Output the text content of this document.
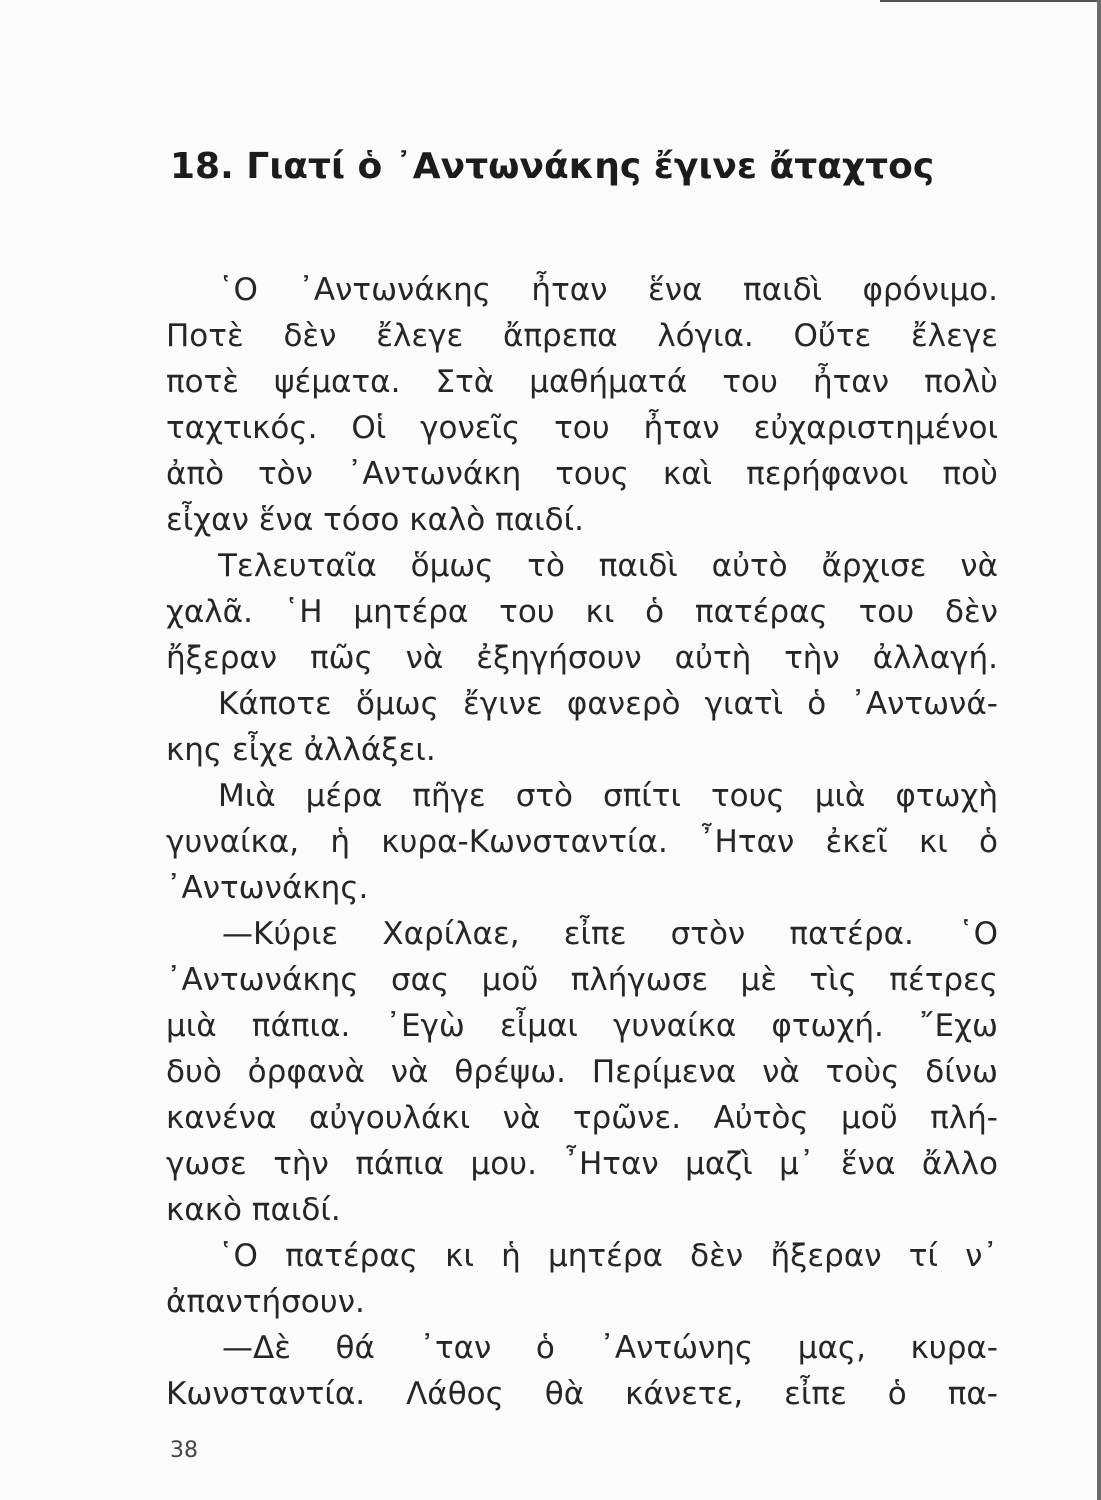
18. Γιατί ὁ ᾿Αντωνάκης ἔγινε ἄταχτος
῾Ο ᾿Αντωνάκης ἦταν ἕνα παιδὶ φρόνιμο.
Ποτὲ δὲν ἔλεγε ἄπρεπα λόγια. Οὔτε ἔλεγε
ποτὲ ψέματα. Στὰ μαθήματά του ἦταν πολὺ
ταχτικός. Οἱ γονεῖς του ἦταν εὐχαριστημένοι
ἀπὸ τὸν ᾿Αντωνάκη τους καὶ περήφανοι ποὺ
εἶχαν ἕνα τόσο καλὸ παιδί.
Τελευταῖα ὅμως τὸ παιδὶ αὐτὸ ἄρχισε νὰ
χαλᾶ. ῾Η μητέρα του κι ὁ πατέρας του δὲν
ἤξεραν πῶς νὰ ἐξηγήσουν αὐτὴ τὴν ἀλλαγή.
Κάποτε ὅμως ἔγινε φανερὸ γιατὶ ὁ ᾿Αντωνά-
κης εἶχε ἀλλάξει.
Μιὰ μέρα πῆγε στὸ σπίτι τους μιὰ φτωχὴ
γυναίκα, ἡ κυρα-Κωνσταντία. ῏Ηταν ἐκεῖ κι ὁ
᾿Αντωνάκης.
—Κύριε Χαρίλαε, εἶπε στὸν πατέρα. ῾Ο
᾿Αντωνάκης σας μοῦ πλήγωσε μὲ τὶς πέτρες
μιὰ πάπια. ᾿Εγὼ εἶμαι γυναίκα φτωχή. ῎Εχω
δυὸ ὀρφανὰ νὰ θρέψω. Περίμενα νὰ τοὺς δίνω
κανένα αὐγουλάκι νὰ τρῶνε. Αὐτὸς μοῦ πλή-
γωσε τὴν πάπια μου. ῏Ηταν μαζὶ μ᾿ ἕνα ἄλλο
κακὸ παιδί.
῾Ο πατέρας κι ἡ μητέρα δὲν ἤξεραν τί ν᾿
ἀπαντήσουν.
—Δὲ θά ᾿ταν ὁ ᾿Αντώνης μας, κυρα-
Κωνσταντία. Λάθος θὰ κάνετε, εἶπε ὁ πα-
38
